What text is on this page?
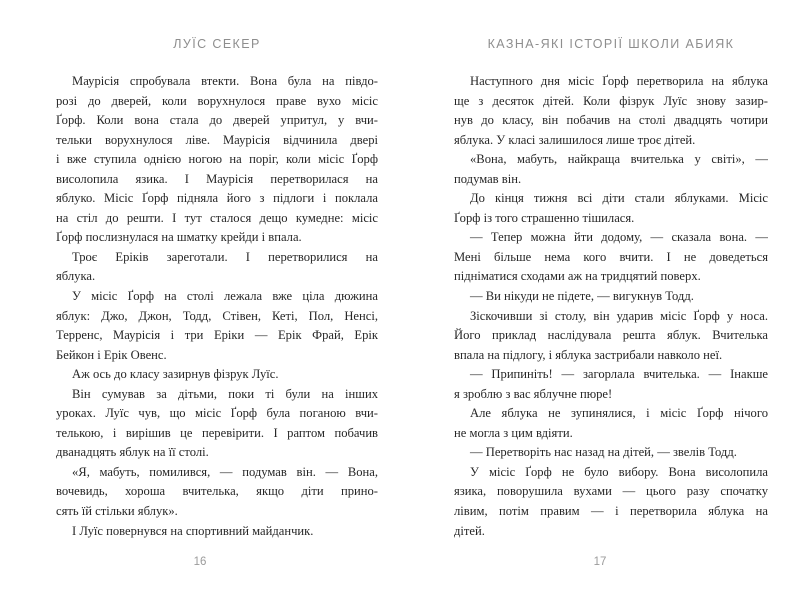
ЛУЇС СЕКЕР
Маурісія спробувала втекти. Вона була на півдо-
розі до дверей, коли ворухнулося праве вухо місіс
Ґорф. Коли вона стала до дверей упритул, у вчи-
тельки ворухнулося ліве. Маурісія відчинила двері
і вже ступила однією ногою на поріг, коли місіс Ґорф
висолопила язика. І Маурісія перетворилася на
яблуко. Місіс Ґорф підняла його з підлоги і поклала
на стіл до решти. І тут сталося дещо кумедне: місіс
Ґорф послизнулася на шматку крейди і впала.
Троє Еріків зареготали. І перетворилися на
яблука.
У місіс Ґорф на столі лежала вже ціла дюжина
яблук: Джо, Джон, Тодд, Стівен, Кеті, Пол, Ненсі,
Терренс, Маурісія і три Еріки — Ерік Фрай, Ерік
Бейкон і Ерік Овенс.
Аж ось до класу зазирнув фізрук Луїс.
Він сумував за дітьми, поки ті були на інших
уроках. Луїс чув, що місіс Ґорф була поганою вчи-
телькою, і вирішив це перевірити. І раптом побачив
дванадцять яблук на її столі.
«Я, мабуть, помилився, — подумав він. — Вона,
вочевидь, хороша вчителька, якщо діти прино-
сять їй стільки яблук».
І Луїс повернувся на спортивний майданчик.
16
КАЗНА-ЯКІ ІСТОРІЇ ШКОЛИ АБИЯК
Наступного дня місіс Ґорф перетворила на яблука
ще з десяток дітей. Коли фізрук Луїс знову зазир-
нув до класу, він побачив на столі двадцять чотири
яблука. У класі залишилося лише троє дітей.
«Вона, мабуть, найкраща вчителька у світі», —
подумав він.
До кінця тижня всі діти стали яблуками. Місіс
Ґорф із того страшенно тішилася.
— Тепер можна йти додому, — сказала вона. —
Мені більше нема кого вчити. І не доведеться
підніматися сходами аж на тридцятий поверх.
— Ви нікуди не підете, — вигукнув Тодд.
Зіскочивши зі столу, він ударив місіс Ґорф у носа.
Його приклад наслідувала решта яблук. Вчителька
впала на підлогу, і яблука застрибали навколо неї.
— Припиніть! — загорлала вчителька. — Інакше
я зроблю з вас яблучне пюре!
Але яблука не зупинялися, і місіс Ґорф нічого
не могла з цим вдіяти.
— Перетворіть нас назад на дітей, — звелів Тодд.
У місіс Ґорф не було вибору. Вона висолопила
язика, поворушила вухами — цього разу спочатку
лівим, потім правим — і перетворила яблука на
дітей.
17
